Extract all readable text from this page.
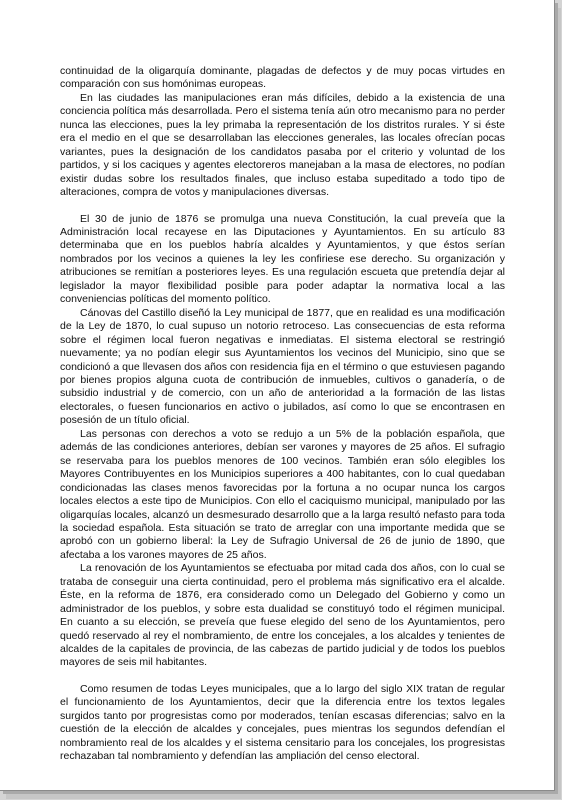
continuidad de la oligarquía dominante, plagadas de defectos y de muy pocas virtudes en comparación con sus homónimas europeas.

En las ciudades las manipulaciones eran más difíciles, debido a la existencia de una conciencia política más desarrollada. Pero el sistema tenía aún otro mecanismo para no perder nunca las elecciones, pues la ley primaba la representación de los distritos rurales. Y si éste era el medio en el que se desarrollaban las elecciones generales, las locales ofrecían pocas variantes, pues la designación de los candidatos pasaba por el criterio y voluntad de los partidos, y si los caciques y agentes electoreros manejaban a la masa de electores, no podían existir dudas sobre los resultados finales, que incluso estaba supeditado a todo tipo de alteraciones, compra de votos y manipulaciones diversas.

El 30 de junio de 1876 se promulga una nueva Constitución, la cual preveía que la Administración local recayese en las Diputaciones y Ayuntamientos. En su artículo 83 determinaba que en los pueblos habría alcaldes y Ayuntamientos, y que éstos serían nombrados por los vecinos a quienes la ley les confiriese ese derecho. Su organización y atribuciones se remitían a posteriores leyes. Es una regulación escueta que pretendía dejar al legislador la mayor flexibilidad posible para poder adaptar la normativa local a las conveniencias políticas del momento político.

Cánovas del Castillo diseñó la Ley municipal de 1877, que en realidad es una modificación de la Ley de 1870, lo cual supuso un notorio retroceso. Las consecuencias de esta reforma sobre el régimen local fueron negativas e inmediatas. El sistema electoral se restringió nuevamente; ya no podían elegir sus Ayuntamientos los vecinos del Municipio, sino que se condicionó a que llevasen dos años con residencia fija en el término o que estuviesen pagando por bienes propios alguna cuota de contribución de inmuebles, cultivos o ganadería, o de subsidio industrial y de comercio, con un año de anterioridad a la formación de las listas electorales, o fuesen funcionarios en activo o jubilados, así como lo que se encontrasen en posesión de un título oficial.

Las personas con derechos a voto se redujo a un 5% de la población española, que además de las condiciones anteriores, debían ser varones y mayores de 25 años. El sufragio se reservaba para los pueblos menores de 100 vecinos. También eran sólo elegibles los Mayores Contribuyentes en los Municipios superiores a 400 habitantes, con lo cual quedaban condicionadas las clases menos favorecidas por la fortuna a no ocupar nunca los cargos locales electos a este tipo de Municipios. Con ello el caciquismo municipal, manipulado por las oligarquías locales, alcanzó un desmesurado desarrollo que a la larga resultó nefasto para toda la sociedad española. Esta situación se trato de arreglar con una importante medida que se aprobó con un gobierno liberal: la Ley de Sufragio Universal de 26 de junio de 1890, que afectaba a los varones mayores de 25 años.

La renovación de los Ayuntamientos se efectuaba por mitad cada dos años, con lo cual se trataba de conseguir una cierta continuidad, pero el problema más significativo era el alcalde. Éste, en la reforma de 1876, era considerado como un Delegado del Gobierno y como un administrador de los pueblos, y sobre esta dualidad se constituyó todo el régimen municipal. En cuanto a su elección, se preveía que fuese elegido del seno de los Ayuntamientos, pero quedó reservado al rey el nombramiento, de entre los concejales, a los alcaldes y tenientes de alcaldes de la capitales de provincia, de las cabezas de partido judicial y de todos los pueblos mayores de seis mil habitantes.

Como resumen de todas Leyes municipales, que a lo largo del siglo XIX tratan de regular el funcionamiento de los Ayuntamientos, decir que la diferencia entre los textos legales surgidos tanto por progresistas como por moderados, tenían escasas diferencias; salvo en la cuestión de la elección de alcaldes y concejales, pues mientras los segundos defendían el nombramiento real de los alcaldes y el sistema censitario para los concejales, los progresistas rechazaban tal nombramiento y defendían las ampliación del censo electoral.
